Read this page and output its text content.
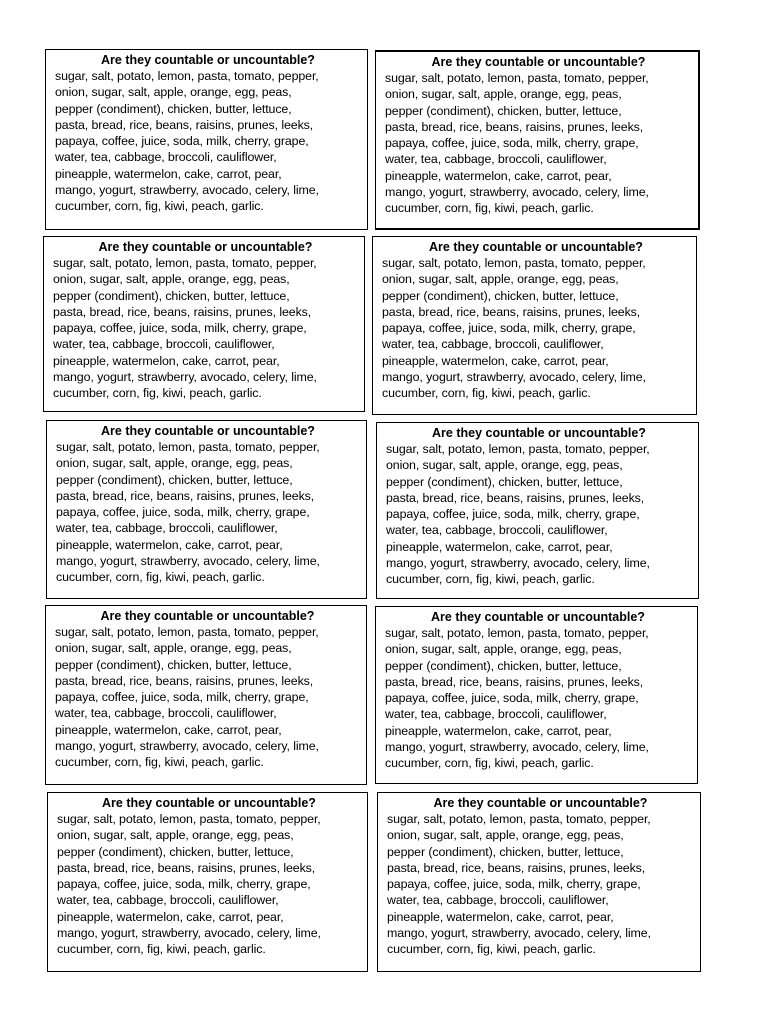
Are they countable or uncountable?

sugar, salt, potato, lemon, pasta, tomato, pepper,

onion, sugar, salt, apple, orange, egg, peas,

pepper (condiment), chicken, butter, lettuce,

pasta, bread, rice, beans, raisins, prunes, leeks,

papaya, coffee, juice, soda, milk, cherry, grape,

water, tea, cabbage, broccoli, cauliflower,

pineapple, watermelon, cake, carrot, pear,

mango, yogurt, strawberry, avocado, celery, lime,

cucumber, corn, fig, kiwi, peach, garlic.

Are they countable or uncountable?

sugar, salt, potato, lemon, pasta, tomato, pepper,

onion, sugar, salt, apple, orange, egg, peas,

pepper (condiment), chicken, butter, lettuce,

pasta, bread, rice, beans, raisins, prunes, leeks,

papaya, coffee, juice, soda, milk, cherry, grape,

water, tea, cabbage, broccoli, cauliflower,

pineapple, watermelon, cake, carrot, pear,

mango, yogurt, strawberry, avocado, celery, lime,

cucumber, corn, fig, kiwi, peach, garlic.

Are they countable or uncountable?

sugar, salt, potato, lemon, pasta, tomato, pepper,

onion, sugar, salt, apple, orange, egg, peas,

pepper (condiment), chicken, butter, lettuce,

pasta, bread, rice, beans, raisins, prunes, leeks,

papaya, coffee, juice, soda, milk, cherry, grape,

water, tea, cabbage, broccoli, cauliflower,

pineapple, watermelon, cake, carrot, pear,

mango, yogurt, strawberry, avocado, celery, lime,

cucumber, corn, fig, kiwi, peach, garlic.

Are they countable or uncountable?

sugar, salt, potato, lemon, pasta, tomato, pepper,

onion, sugar, salt, apple, orange, egg, peas,

pepper (condiment), chicken, butter, lettuce,

pasta, bread, rice, beans, raisins, prunes, leeks,

papaya, coffee, juice, soda, milk, cherry, grape,

water, tea, cabbage, broccoli, cauliflower,

pineapple, watermelon, cake, carrot, pear,

mango, yogurt, strawberry, avocado, celery, lime,

cucumber, corn, fig, kiwi, peach, garlic.

Are they countable or uncountable?

sugar, salt, potato, lemon, pasta, tomato, pepper,

onion, sugar, salt, apple, orange, egg, peas,

pepper (condiment), chicken, butter, lettuce,

pasta, bread, rice, beans, raisins, prunes, leeks,

papaya, coffee, juice, soda, milk, cherry, grape,

water, tea, cabbage, broccoli, cauliflower,

pineapple, watermelon, cake, carrot, pear,

mango, yogurt, strawberry, avocado, celery, lime,

cucumber, corn, fig, kiwi, peach, garlic.

Are they countable or uncountable?

sugar, salt, potato, lemon, pasta, tomato, pepper,

onion, sugar, salt, apple, orange, egg, peas,

pepper (condiment), chicken, butter, lettuce,

pasta, bread, rice, beans, raisins, prunes, leeks,

papaya, coffee, juice, soda, milk, cherry, grape,

water, tea, cabbage, broccoli, cauliflower,

pineapple, watermelon, cake, carrot, pear,

mango, yogurt, strawberry, avocado, celery, lime,

cucumber, corn, fig, kiwi, peach, garlic.

Are they countable or uncountable?

sugar, salt, potato, lemon, pasta, tomato, pepper,

onion, sugar, salt, apple, orange, egg, peas,

pepper (condiment), chicken, butter, lettuce,

pasta, bread, rice, beans, raisins, prunes, leeks,

papaya, coffee, juice, soda, milk, cherry, grape,

water, tea, cabbage, broccoli, cauliflower,

pineapple, watermelon, cake, carrot, pear,

mango, yogurt, strawberry, avocado, celery, lime,

cucumber, corn, fig, kiwi, peach, garlic.

Are they countable or uncountable?

sugar, salt, potato, lemon, pasta, tomato, pepper,

onion, sugar, salt, apple, orange, egg, peas,

pepper (condiment), chicken, butter, lettuce,

pasta, bread, rice, beans, raisins, prunes, leeks,

papaya, coffee, juice, soda, milk, cherry, grape,

water, tea, cabbage, broccoli, cauliflower,

pineapple, watermelon, cake, carrot, pear,

mango, yogurt, strawberry, avocado, celery, lime,

cucumber, corn, fig, kiwi, peach, garlic.

Are they countable or uncountable?

sugar, salt, potato, lemon, pasta, tomato, pepper,

onion, sugar, salt, apple, orange, egg, peas,

pepper (condiment), chicken, butter, lettuce,

pasta, bread, rice, beans, raisins, prunes, leeks,

papaya, coffee, juice, soda, milk, cherry, grape,

water, tea, cabbage, broccoli, cauliflower,

pineapple, watermelon, cake, carrot, pear,

mango, yogurt, strawberry, avocado, celery, lime,

cucumber, corn, fig, kiwi, peach, garlic.

Are they countable or uncountable?

sugar, salt, potato, lemon, pasta, tomato, pepper,

onion, sugar, salt, apple, orange, egg, peas,

pepper (condiment), chicken, butter, lettuce,

pasta, bread, rice, beans, raisins, prunes, leeks,

papaya, coffee, juice, soda, milk, cherry, grape,

water, tea, cabbage, broccoli, cauliflower,

pineapple, watermelon, cake, carrot, pear,

mango, yogurt, strawberry, avocado, celery, lime,

cucumber, corn, fig, kiwi, peach, garlic.
